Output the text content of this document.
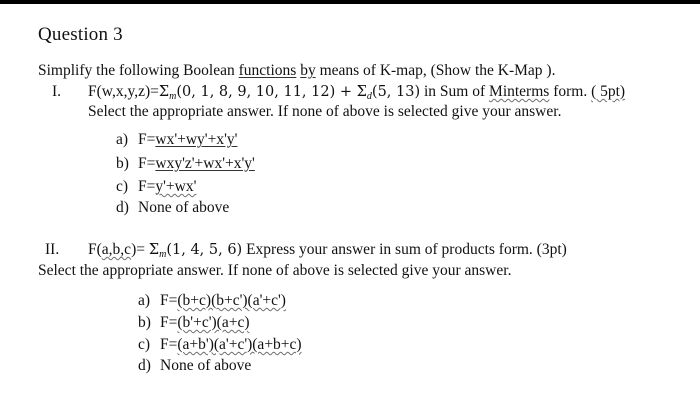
Question 3
Simplify the following Boolean functions by means of K-map, (Show the K-Map ).
I. $F(w,x,y,z)=\Sigma_m(0$, 1, 8, 9, 10, 11, $12) + \Sigma_d(5$, 13) in Sum of Minterms form. ( 5pt)
Select the appropriate answer. If none of above is selected give your answer.
a) F=wx'+wy'+x'y'
b) F=wxy'z'+wx'+x'y'
c) F=y'+wx'
d) None of above
II. $F(a,b,c)= \Sigma_m(1$, 4, 5, 6) Express your answer in sum of products form. (3pt)
Select the appropriate answer. If none of above is selected give your answer.
a) F=(b+c)(b+c')(a'+c')
b) F=(b'+c')(a+c)
c) F=(a+b')(a'+c')(a+b+c)
d) None of above
